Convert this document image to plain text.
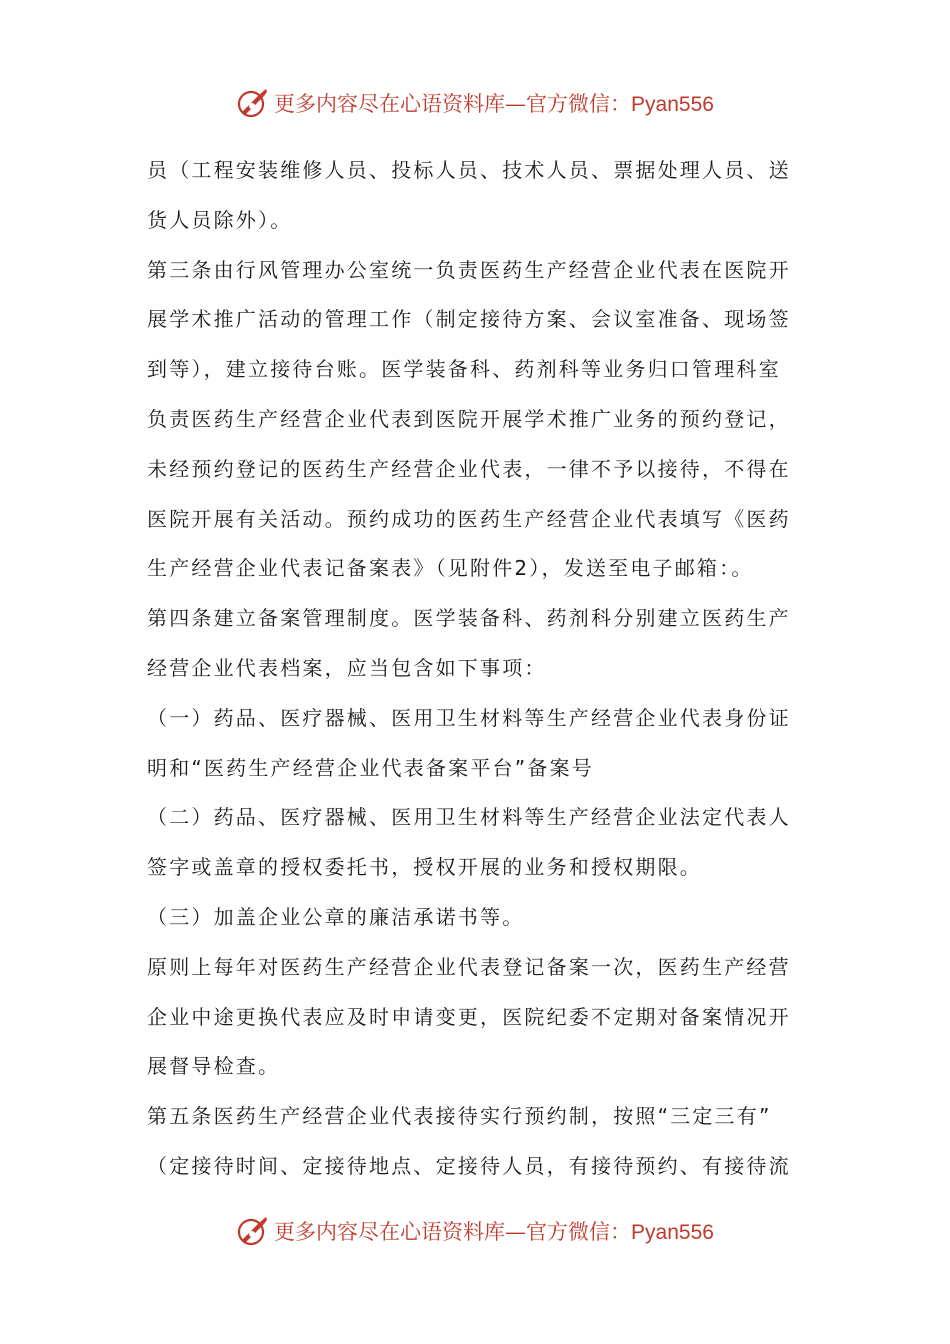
更多内容尽在心语资料库—官方微信：Pyan556
员（工程安装维修人员、投标人员、技术人员、票据处理人员、送
货人员除外）。
第三条由行风管理办公室统一负责医药生产经营企业代表在医院开
展学术推广活动的管理工作（制定接待方案、会议室准备、现场签
到等），建立接待台账。医学装备科、药剂科等业务归口管理科室
负责医药生产经营企业代表到医院开展学术推广业务的预约登记，
未经预约登记的医药生产经营企业代表，一律不予以接待，不得在
医院开展有关活动。预约成功的医药生产经营企业代表填写《医药
生产经营企业代表记备案表》（见附件2），发送至电子邮箱：。
第四条建立备案管理制度。医学装备科、药剂科分别建立医药生产
经营企业代表档案，应当包含如下事项：
（一）药品、医疗器械、医用卫生材料等生产经营企业代表身份证
明和“医药生产经营企业代表备案平台”备案号
（二）药品、医疗器械、医用卫生材料等生产经营企业法定代表人
签字或盖章的授权委托书，授权开展的业务和授权期限。
（三）加盖企业公章的廉洁承诺书等。
原则上每年对医药生产经营企业代表登记备案一次，医药生产经营
企业中途更换代表应及时申请变更，医院纪委不定期对备案情况开
展督导检查。
第五条医药生产经营企业代表接待实行预约制，按照“三定三有”
（定接待时间、定接待地点、定接待人员，有接待预约、有接待流
更多内容尽在心语资料库—官方微信：Pyan556
